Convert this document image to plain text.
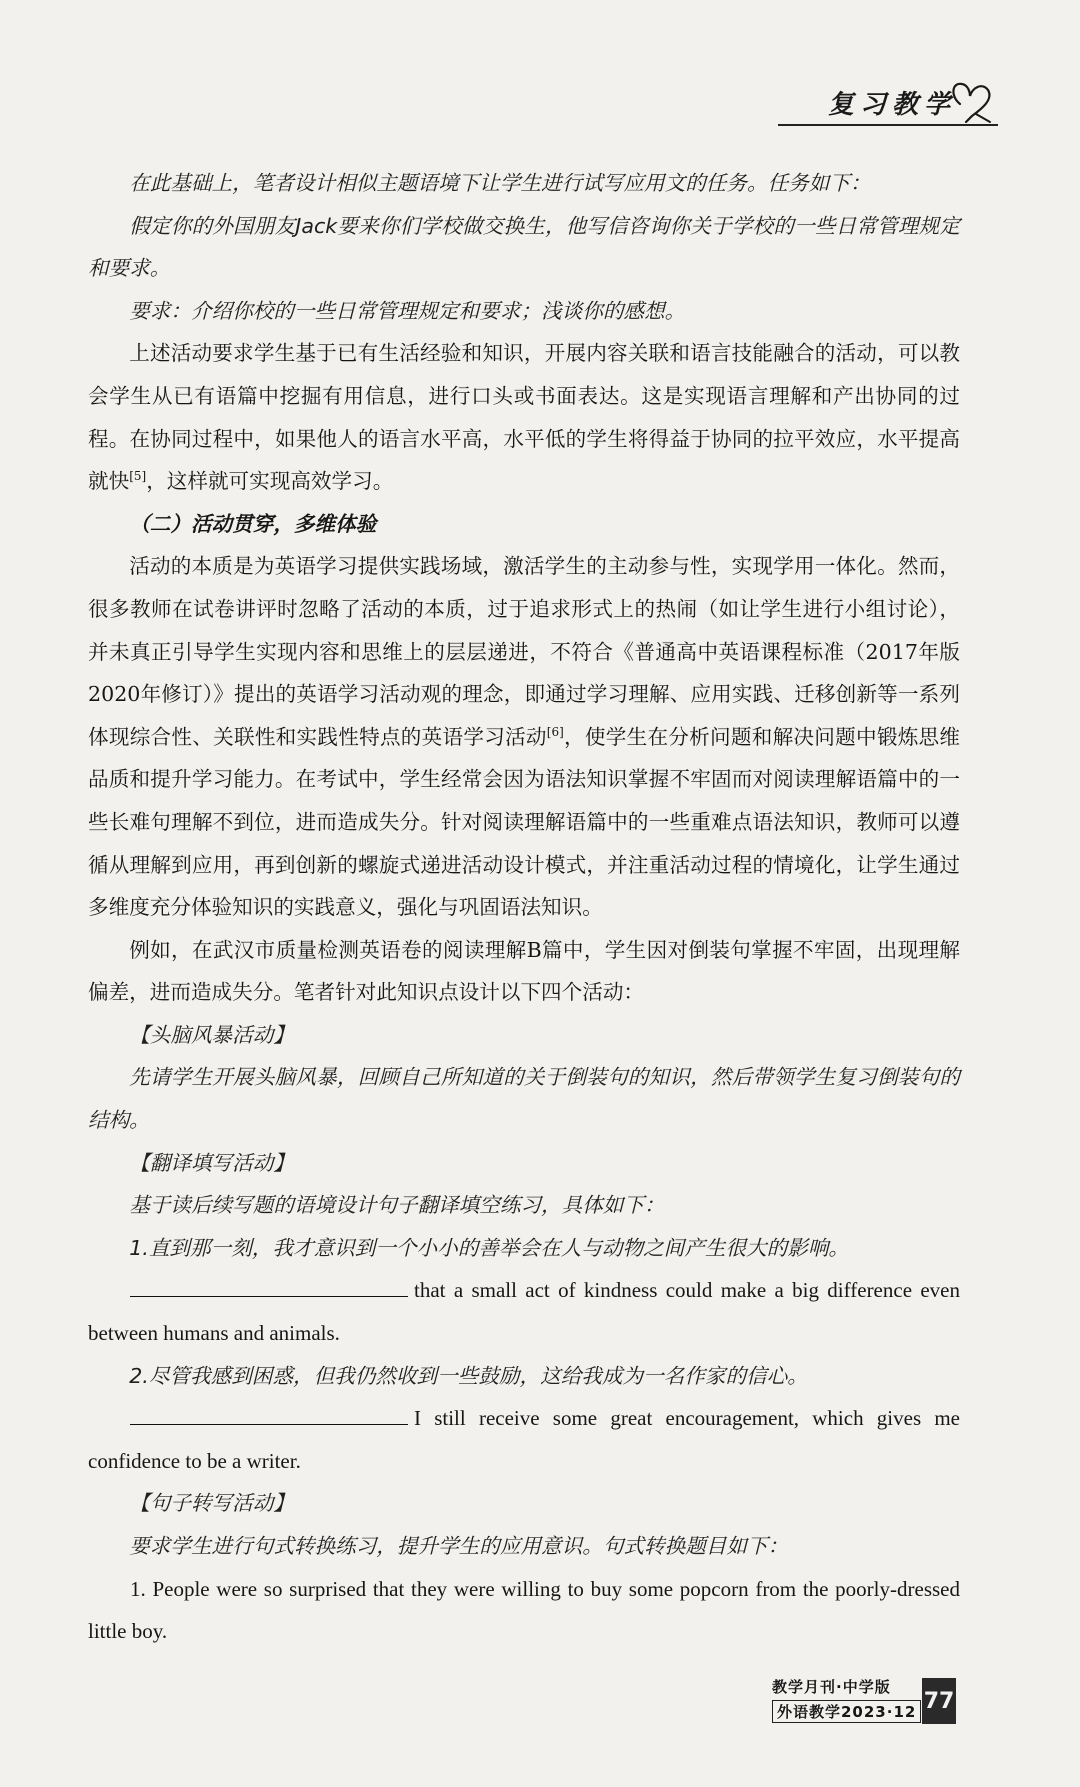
复习教学

在此基础上，笔者设计相似主题语境下让学生进行试写应用文的任务。任务如下：

假定你的外国朋友Jack要来你们学校做交换生，他写信咨询你关于学校的一些日常管理规定和要求。

要求：介绍你校的一些日常管理规定和要求；浅谈你的感想。

上述活动要求学生基于已有生活经验和知识，开展内容关联和语言技能融合的活动，可以教会学生从已有语篇中挖掘有用信息，进行口头或书面表达。这是实现语言理解和产出协同的过程。在协同过程中，如果他人的语言水平高，水平低的学生将得益于协同的拉平效应，水平提高就快[5]，这样就可实现高效学习。

（二）活动贯穿，多维体验

活动的本质是为英语学习提供实践场域，激活学生的主动参与性，实现学用一体化。然而，很多教师在试卷讲评时忽略了活动的本质，过于追求形式上的热闹（如让学生进行小组讨论），并未真正引导学生实现内容和思维上的层层递进，不符合《普通高中英语课程标准（2017年版2020年修订）》提出的英语学习活动观的理念，即通过学习理解、应用实践、迁移创新等一系列体现综合性、关联性和实践性特点的英语学习活动[6]，使学生在分析问题和解决问题中锻炼思维品质和提升学习能力。在考试中，学生经常会因为语法知识掌握不牢固而对阅读理解语篇中的一些长难句理解不到位，进而造成失分。针对阅读理解语篇中的一些重难点语法知识，教师可以遵循从理解到应用，再到创新的螺旋式递进活动设计模式，并注重活动过程的情境化，让学生通过多维度充分体验知识的实践意义，强化与巩固语法知识。

例如，在武汉市质量检测英语卷的阅读理解B篇中，学生因对倒装句掌握不牢固，出现理解偏差，进而造成失分。笔者针对此知识点设计以下四个活动：

【头脑风暴活动】

先请学生开展头脑风暴，回顾自己所知道的关于倒装句的知识，然后带领学生复习倒装句的结构。

【翻译填写活动】

基于读后续写题的语境设计句子翻译填空练习，具体如下：

1.直到那一刻，我才意识到一个小小的善举会在人与动物之间产生很大的影响。

that a small act of kindness could make a big difference even between humans and animals.

2.尽管我感到困惑，但我仍然收到一些鼓励，这给我成为一名作家的信心。

I still receive some great encouragement, which gives me confidence to be a writer.

【句子转写活动】

要求学生进行句式转换练习，提升学生的应用意识。句式转换题目如下：

1. People were so surprised that they were willing to buy some popcorn from the poorly-dressed little boy.

教学月刊·中学版
外语教学2023·12 77
